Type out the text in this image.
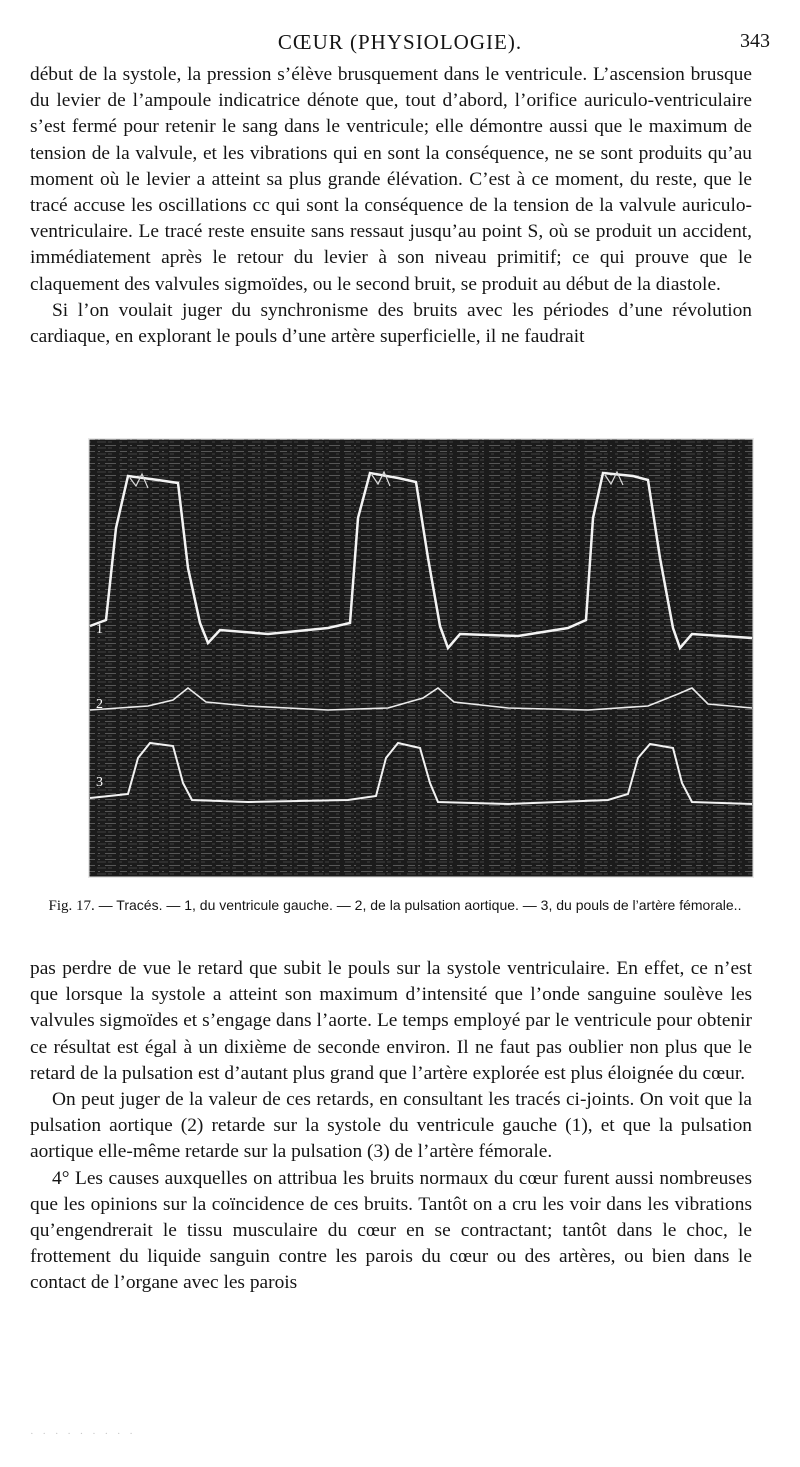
CŒUR (PHYSIOLOGIE).	343

début de la systole, la pression s’élève brusquement dans le ventricule. L’ascension brusque du levier de l’ampoule indicatrice dénote que, tout d’abord, l’orifice auriculo-ventriculaire s’est fermé pour retenir le sang dans le ventricule; elle démontre aussi que le maximum de tension de la valvule, et les vibrations qui en sont la conséquence, ne se sont produits qu’au moment où le levier a atteint sa plus grande élévation. C’est à ce moment, du reste, que le tracé accuse les oscillations cc qui sont la conséquence de la tension de la valvule auriculo-ventriculaire. Le tracé reste ensuite sans ressaut jusqu’au point S, où se produit un accident, immédiatement après le retour du levier à son niveau primitif; ce qui prouve que le claquement des valvules sigmoïdes, ou le second bruit, se produit au début de la diastole.

Si l’on voulait juger du synchronisme des bruits avec les périodes d’une révolution cardiaque, en explorant le pouls d’une artère superficielle, il ne faudrait

1
2
3
Fig. 17. — Tracés. — 1, du ventricule gauche. — 2, de la pulsation aortique. — 3, du pouls de l’artère fémorale..

pas perdre de vue le retard que subit le pouls sur la systole ventriculaire. En effet, ce n’est que lorsque la systole a atteint son maximum d’intensité que l’onde sanguine soulève les valvules sigmoïdes et s’engage dans l’aorte. Le temps employé par le ventricule pour obtenir ce résultat est égal à un dixième de seconde environ. Il ne faut pas oublier non plus que le retard de la pulsation est d’autant plus grand que l’artère explorée est plus éloignée du cœur.

On peut juger de la valeur de ces retards, en consultant les tracés ci-joints. On voit que la pulsation aortique (2) retarde sur la systole du ventricule gauche (1), et que la pulsation aortique elle-même retarde sur la pulsation (3) de l’artère fémorale.

4° Les causes auxquelles on attribua les bruits normaux du cœur furent aussi nombreuses que les opinions sur la coïncidence de ces bruits. Tantôt on a cru les voir dans les vibrations qu’engendrerait le tissu musculaire du cœur en se contractant; tantôt dans le choc, le frottement du liquide sanguin contre les parois du cœur ou des artères, ou bien dans le contact de l’organe avec les parois

· · · · · · · · ·
